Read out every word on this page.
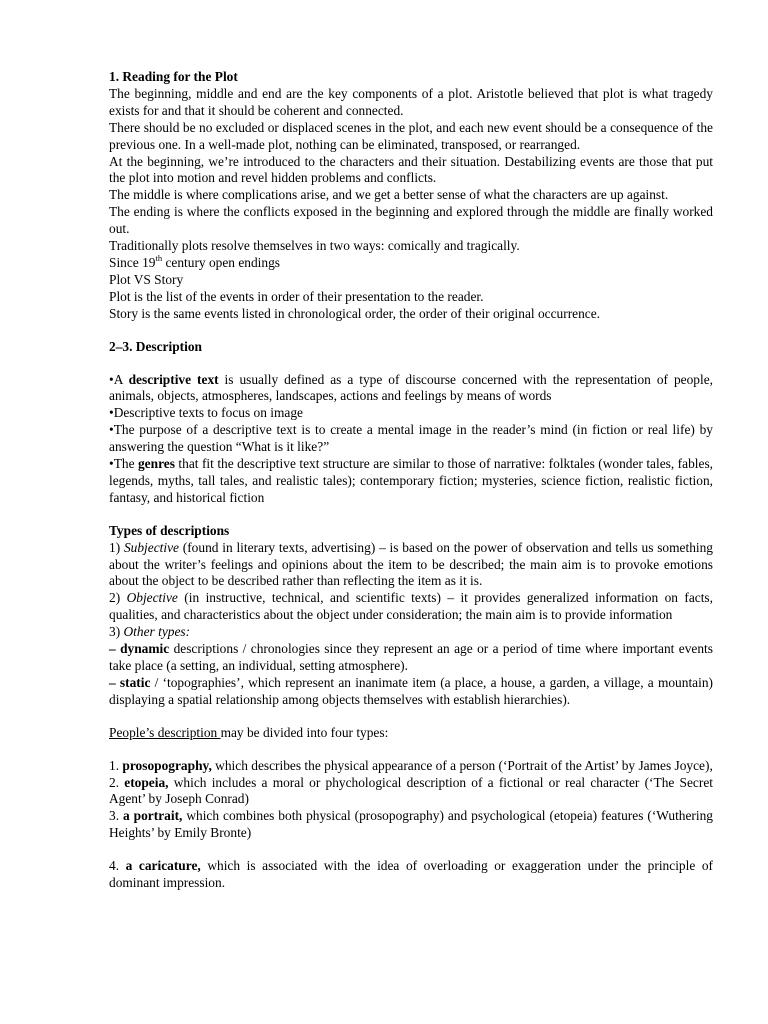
1. Reading for the Plot

The beginning, middle and end are the key components of a plot. Aristotle believed that plot is what tragedy exists for and that it should be coherent and connected.

There should be no excluded or displaced scenes in the plot, and each new event should be a consequence of the previous one. In a well-made plot, nothing can be eliminated, transposed, or rearranged.

At the beginning, we’re introduced to the characters and their situation. Destabilizing events are those that put the plot into motion and revel hidden problems and conflicts.

The middle is where complications arise, and we get a better sense of what the characters are up against.

The ending is where the conflicts exposed in the beginning and explored through the middle are finally worked out.

Traditionally plots resolve themselves in two ways: comically and tragically.

Since 19th century open endings

Plot VS Story

Plot is the list of the events in order of their presentation to the reader.

Story is the same events listed in chronological order, the order of their original occurrence.

2–3. Description

•A descriptive text is usually defined as a type of discourse concerned with the representation of people, animals, objects, atmospheres, landscapes, actions and feelings by means of words

•Descriptive texts to focus on image

•The purpose of a descriptive text is to create a mental image in the reader’s mind (in fiction or real life) by answering the question “What is it like?”

•The genres that fit the descriptive text structure are similar to those of narrative: folktales (wonder tales, fables, legends, myths, tall tales, and realistic tales); contemporary fiction; mysteries, science fiction, realistic fiction, fantasy, and historical fiction

Types of descriptions

1) Subjective (found in literary texts, advertising) – is based on the power of observation and tells us something about the writer’s feelings and opinions about the item to be described; the main aim is to provoke emotions about the object to be described rather than reflecting the item as it is.

2) Objective (in instructive, technical, and scientific texts) – it provides generalized information on facts, qualities, and characteristics about the object under consideration; the main aim is to provide information

3) Other types:

– dynamic descriptions / chronologies since they represent an age or a period of time where important events take place (a setting, an individual, setting atmosphere).

– static / ‘topographies’, which represent an inanimate item (a place, a house, a garden, a village, a mountain) displaying a spatial relationship among objects themselves with establish hierarchies).

People’s description may be divided into four types:

1. prosopography, which describes the physical appearance of a person (‘Portrait of the Artist’ by James Joyce),

2. etopeia, which includes a moral or phychological description of a fictional or real character (‘The Secret Agent’ by Joseph Conrad)

3. a portrait, which combines both physical (prosopography) and psychological (etopeia) features (‘Wuthering Heights’ by Emily Bronte)

4. a caricature, which is associated with the idea of overloading or exaggeration under the principle of dominant impression.
